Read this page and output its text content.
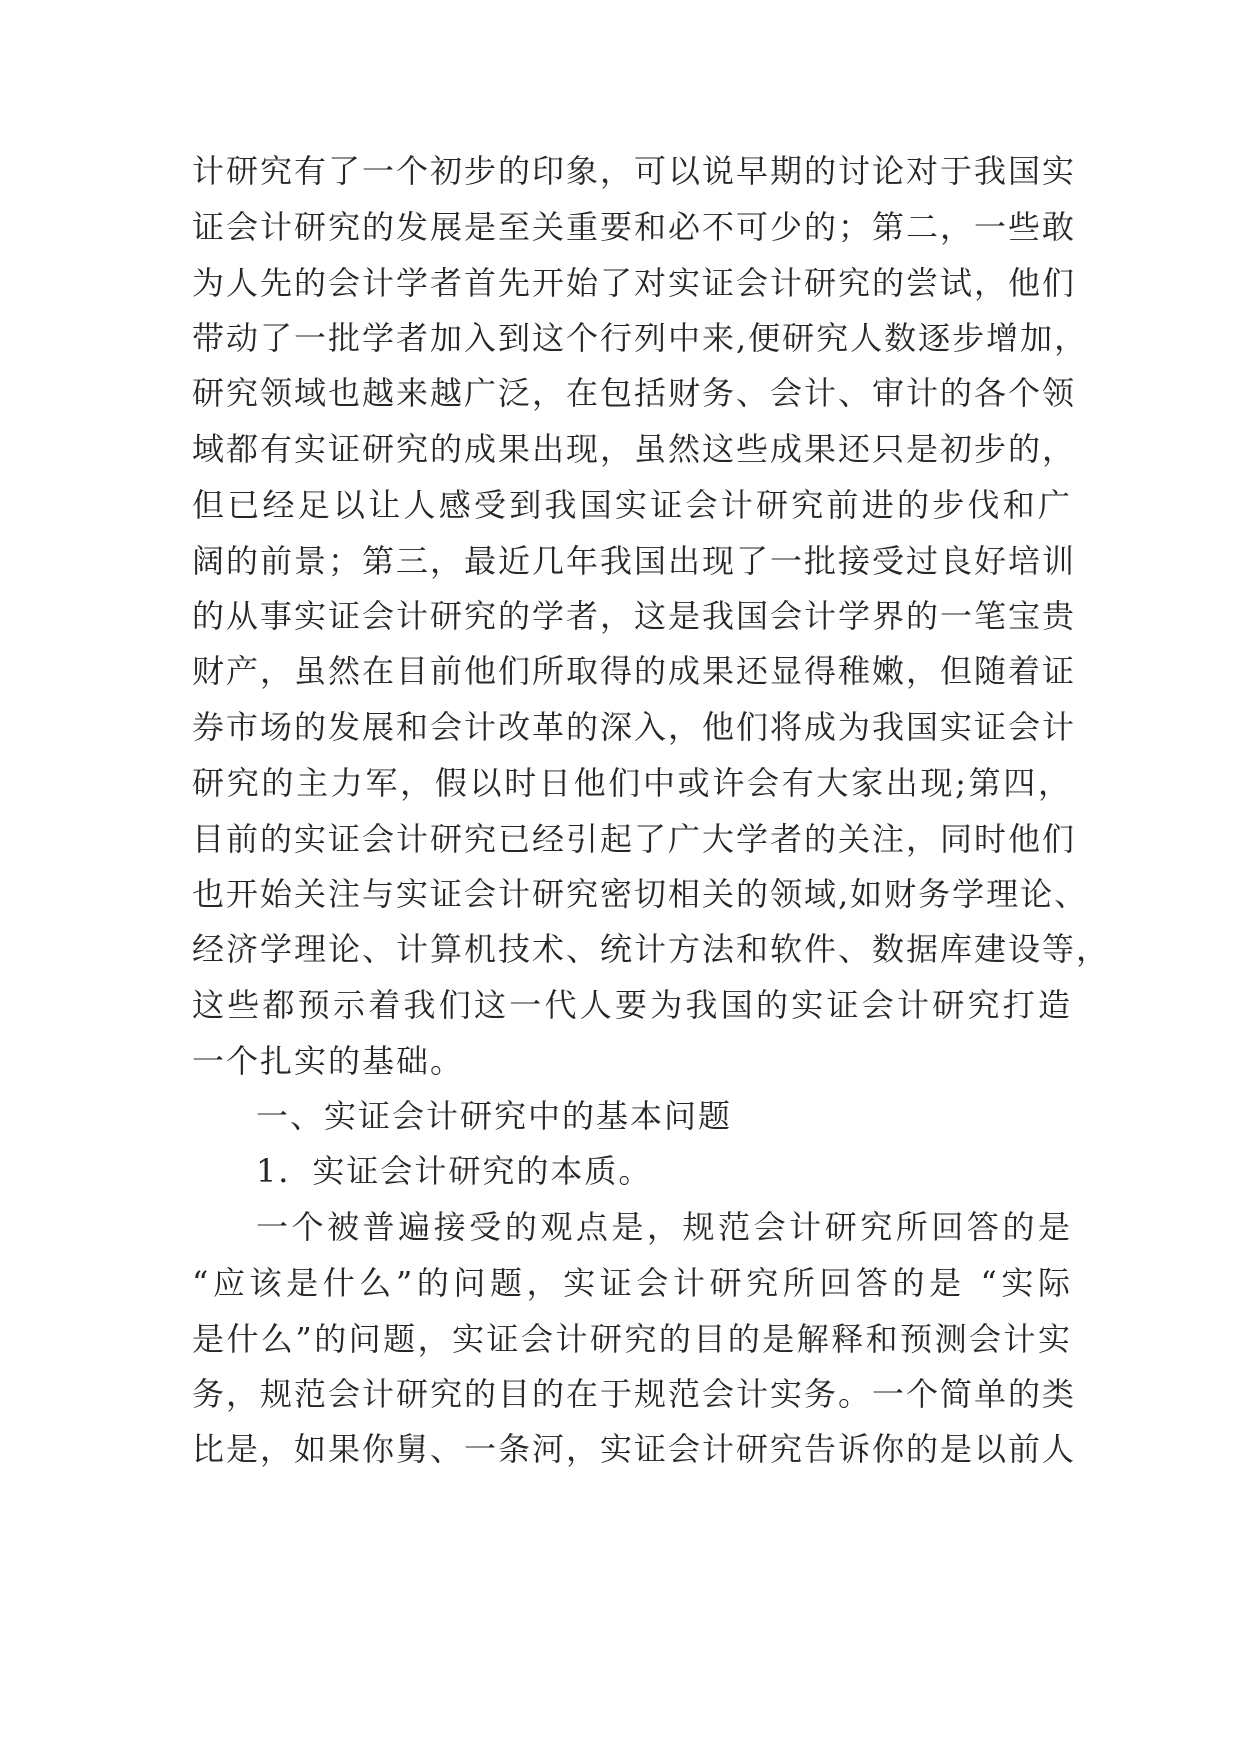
计研究有了一个初步的印象，可以说早期的讨论对于我国实
证会计研究的发展是至关重要和必不可少的；第二，一些敢
为人先的会计学者首先开始了对实证会计研究的尝试，他们
带动了一批学者加入到这个行列中来,便研究人数逐步增加，
研究领域也越来越广泛，在包括财务、会计、审计的各个领
域都有实证研究的成果出现，虽然这些成果还只是初步的，
但已经足以让人感受到我国实证会计研究前进的步伐和广
阔的前景；第三，最近几年我国出现了一批接受过良好培训
的从事实证会计研究的学者，这是我国会计学界的一笔宝贵
财产，虽然在目前他们所取得的成果还显得稚嫩，但随着证
券市场的发展和会计改革的深入，他们将成为我国实证会计
研究的主力军，假以时日他们中或许会有大家出现;第四，
目前的实证会计研究已经引起了广大学者的关注，同时他们
也开始关注与实证会计研究密切相关的领域,如财务学理论、
经济学理论、计算机技术、统计方法和软件、数据库建设等，
这些都预示着我们这一代人要为我国的实证会计研究打造
一个扎实的基础。
一、实证会计研究中的基本问题
1．实证会计研究的本质。
一个被普遍接受的观点是，规范会计研究所回答的是
“应该是什么”的问题，实证会计研究所回答的是 “实际
是什么”的问题，实证会计研究的目的是解释和预测会计实
务，规范会计研究的目的在于规范会计实务。一个简单的类
比是，如果你舅、一条河，实证会计研究告诉你的是以前人
